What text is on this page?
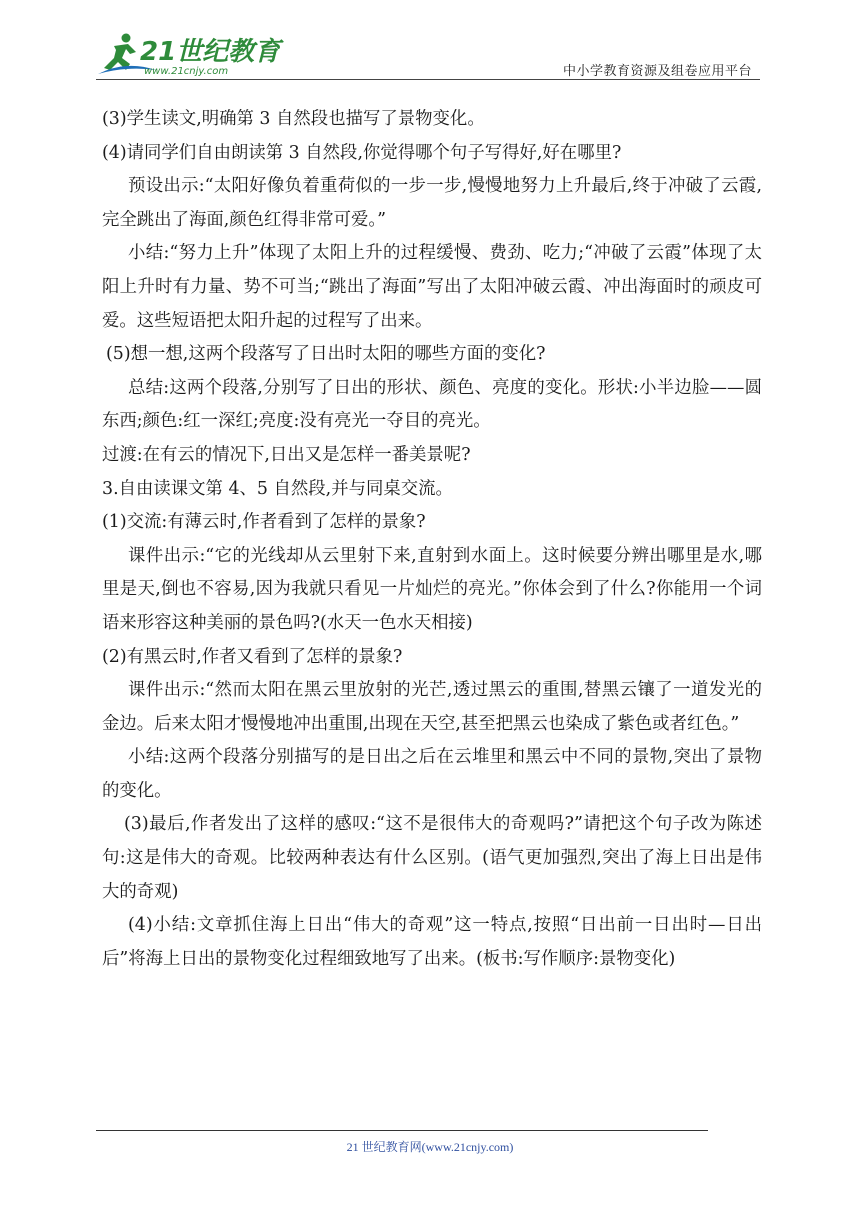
21世纪教育
www.21cnjy.com	中小学教育资源及组卷应用平台

(3)学生读文,明确第 3 自然段也描写了景物变化。

(4)请同学们自由朗读第 3 自然段,你觉得哪个句子写得好,好在哪里?

预设出示:“太阳好像负着重荷似的一步一步,慢慢地努力上升最后,终于冲破了云霞,完全跳出了海面,颜色红得非常可爱。”

小结:“努力上升”体现了太阳上升的过程缓慢、费劲、吃力;“冲破了云霞”体现了太阳上升时有力量、势不可当;“跳出了海面”写出了太阳冲破云霞、冲出海面时的顽皮可爱。这些短语把太阳升起的过程写了出来。

(5)想一想,这两个段落写了日出时太阳的哪些方面的变化?

总结:这两个段落,分别写了日出的形状、颜色、亮度的变化。形状:小半边脸——圆东西;颜色:红一深红;亮度:没有亮光一夺目的亮光。

过渡:在有云的情况下,日出又是怎样一番美景呢?

3.自由读课文第 4、5 自然段,并与同桌交流。

(1)交流:有薄云时,作者看到了怎样的景象?

课件出示:“它的光线却从云里射下来,直射到水面上。这时候要分辨出哪里是水,哪里是天,倒也不容易,因为我就只看见一片灿烂的亮光。”你体会到了什么?你能用一个词语来形容这种美丽的景色吗?(水天一色水天相接)

(2)有黑云时,作者又看到了怎样的景象?

课件出示:“然而太阳在黑云里放射的光芒,透过黑云的重围,替黑云镶了一道发光的金边。后来太阳才慢慢地冲出重围,出现在天空,甚至把黑云也染成了紫色或者红色。”

小结:这两个段落分别描写的是日出之后在云堆里和黑云中不同的景物,突出了景物的变化。

(3)最后,作者发出了这样的感叹:“这不是很伟大的奇观吗?”请把这个句子改为陈述句:这是伟大的奇观。比较两种表达有什么区别。(语气更加强烈,突出了海上日出是伟大的奇观)

(4)小结:文章抓住海上日出“伟大的奇观”这一特点,按照“日出前一日出时—日出后”将海上日出的景物变化过程细致地写了出来。(板书:写作顺序:景物变化)

21 世纪教育网(www.21cnjy.com)
